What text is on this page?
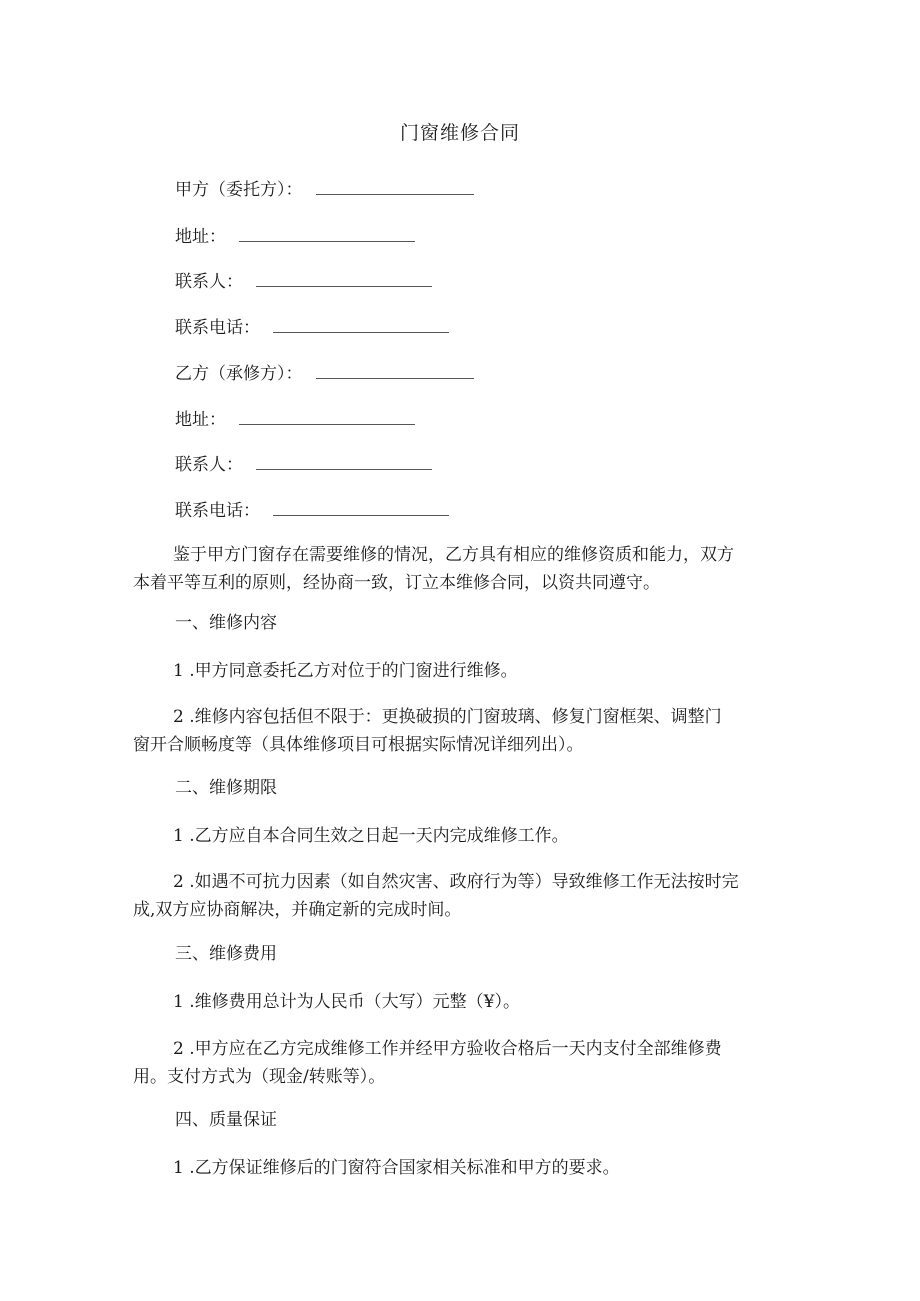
门窗维修合同
甲方（委托方）：
地址：
联系人：
联系电话：
乙方（承修方）：
地址：
联系人：
联系电话：
鉴于甲方门窗存在需要维修的情况，乙方具有相应的维修资质和能力，双方
本着平等互利的原则，经协商一致，订立本维修合同，以资共同遵守。
一、维修内容
1 .甲方同意委托乙方对位于的门窗进行维修。
2 .维修内容包括但不限于：更换破损的门窗玻璃、修复门窗框架、调整门
窗开合顺畅度等（具体维修项目可根据实际情况详细列出）。
二、维修期限
1 .乙方应自本合同生效之日起一天内完成维修工作。
2 .如遇不可抗力因素（如自然灾害、政府行为等）导致维修工作无法按时完
成,双方应协商解决，并确定新的完成时间。
三、维修费用
1 .维修费用总计为人民币（大写）元整（¥）。
2 .甲方应在乙方完成维修工作并经甲方验收合格后一天内支付全部维修费
用。支付方式为（现金/转账等）。
四、质量保证
1 .乙方保证维修后的门窗符合国家相关标准和甲方的要求。
